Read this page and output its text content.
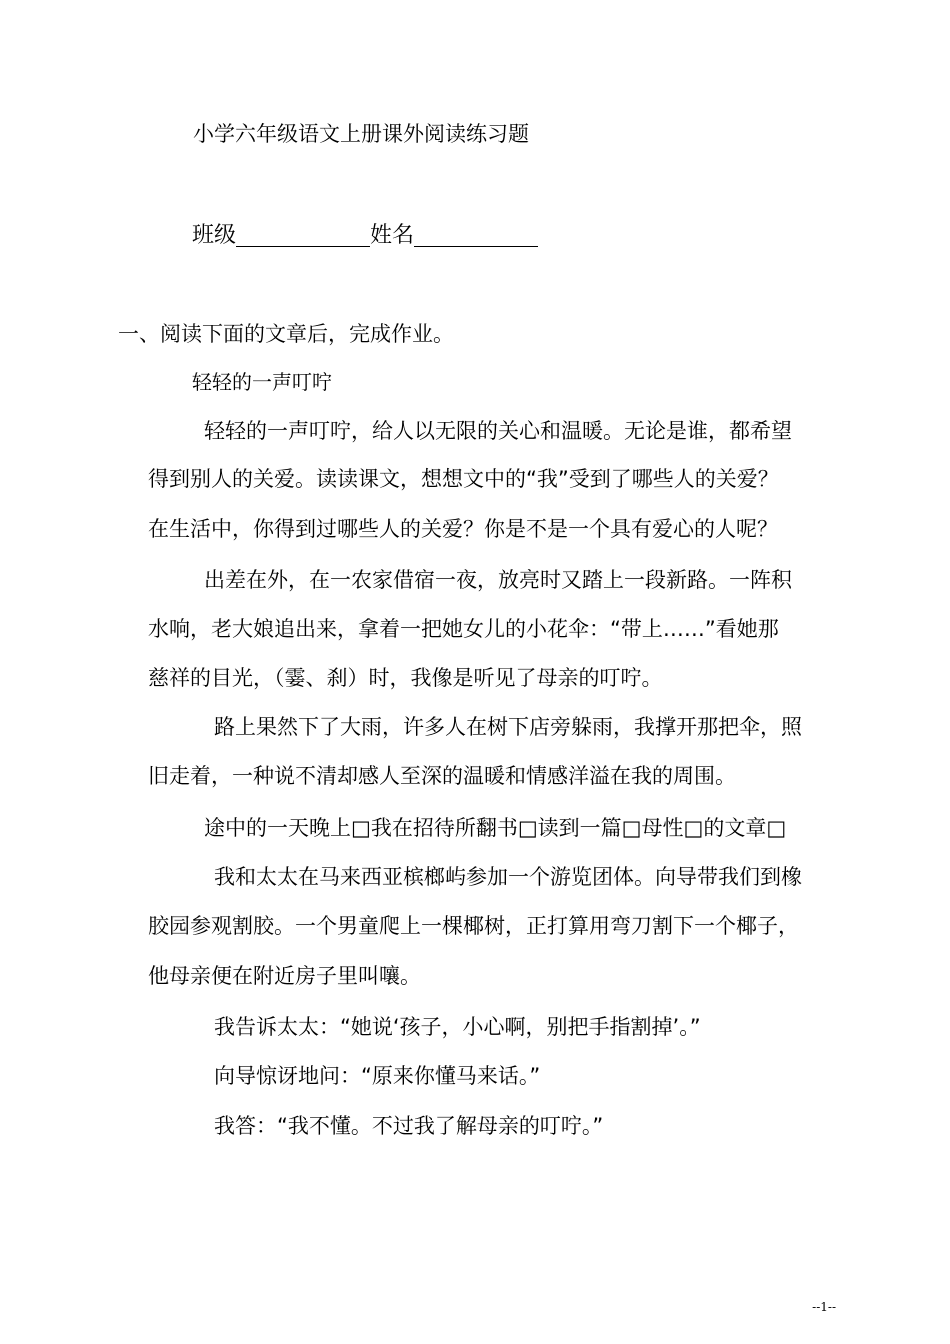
小学六年级语文上册课外阅读练习题
班级	姓名
一、阅读下面的文章后，完成作业。
轻轻的一声叮咛
轻轻的一声叮咛，给人以无限的关心和温暖。无论是谁，都希望
得到别人的关爱。读读课文，想想文中的“我”受到了哪些人的关爱？
在生活中，你得到过哪些人的关爱？你是不是一个具有爱心的人呢？
出差在外，在一农家借宿一夜，放亮时又踏上一段新路。一阵积
水响，老大娘追出来，拿着一把她女儿的小花伞：“带上……”看她那
慈祥的目光，（霎、刹）时，我像是听见了母亲的叮咛。
路上果然下了大雨，许多人在树下店旁躲雨，我撑开那把伞，照
旧走着，一种说不清却感人至深的温暖和情感洋溢在我的周围。
途中的一天晚上□我在招待所翻书□读到一篇□母性□的文章□
我和太太在马来西亚槟榔屿参加一个游览团体。向导带我们到橡
胶园参观割胶。一个男童爬上一棵椰树，正打算用弯刀割下一个椰子，
他母亲便在附近房子里叫嚷。
我告诉太太：“她说‘孩子，小心啊，别把手指割掉’。”
向导惊讶地问：“原来你懂马来话。”
我答：“我不懂。不过我了解母亲的叮咛。”
--1--
